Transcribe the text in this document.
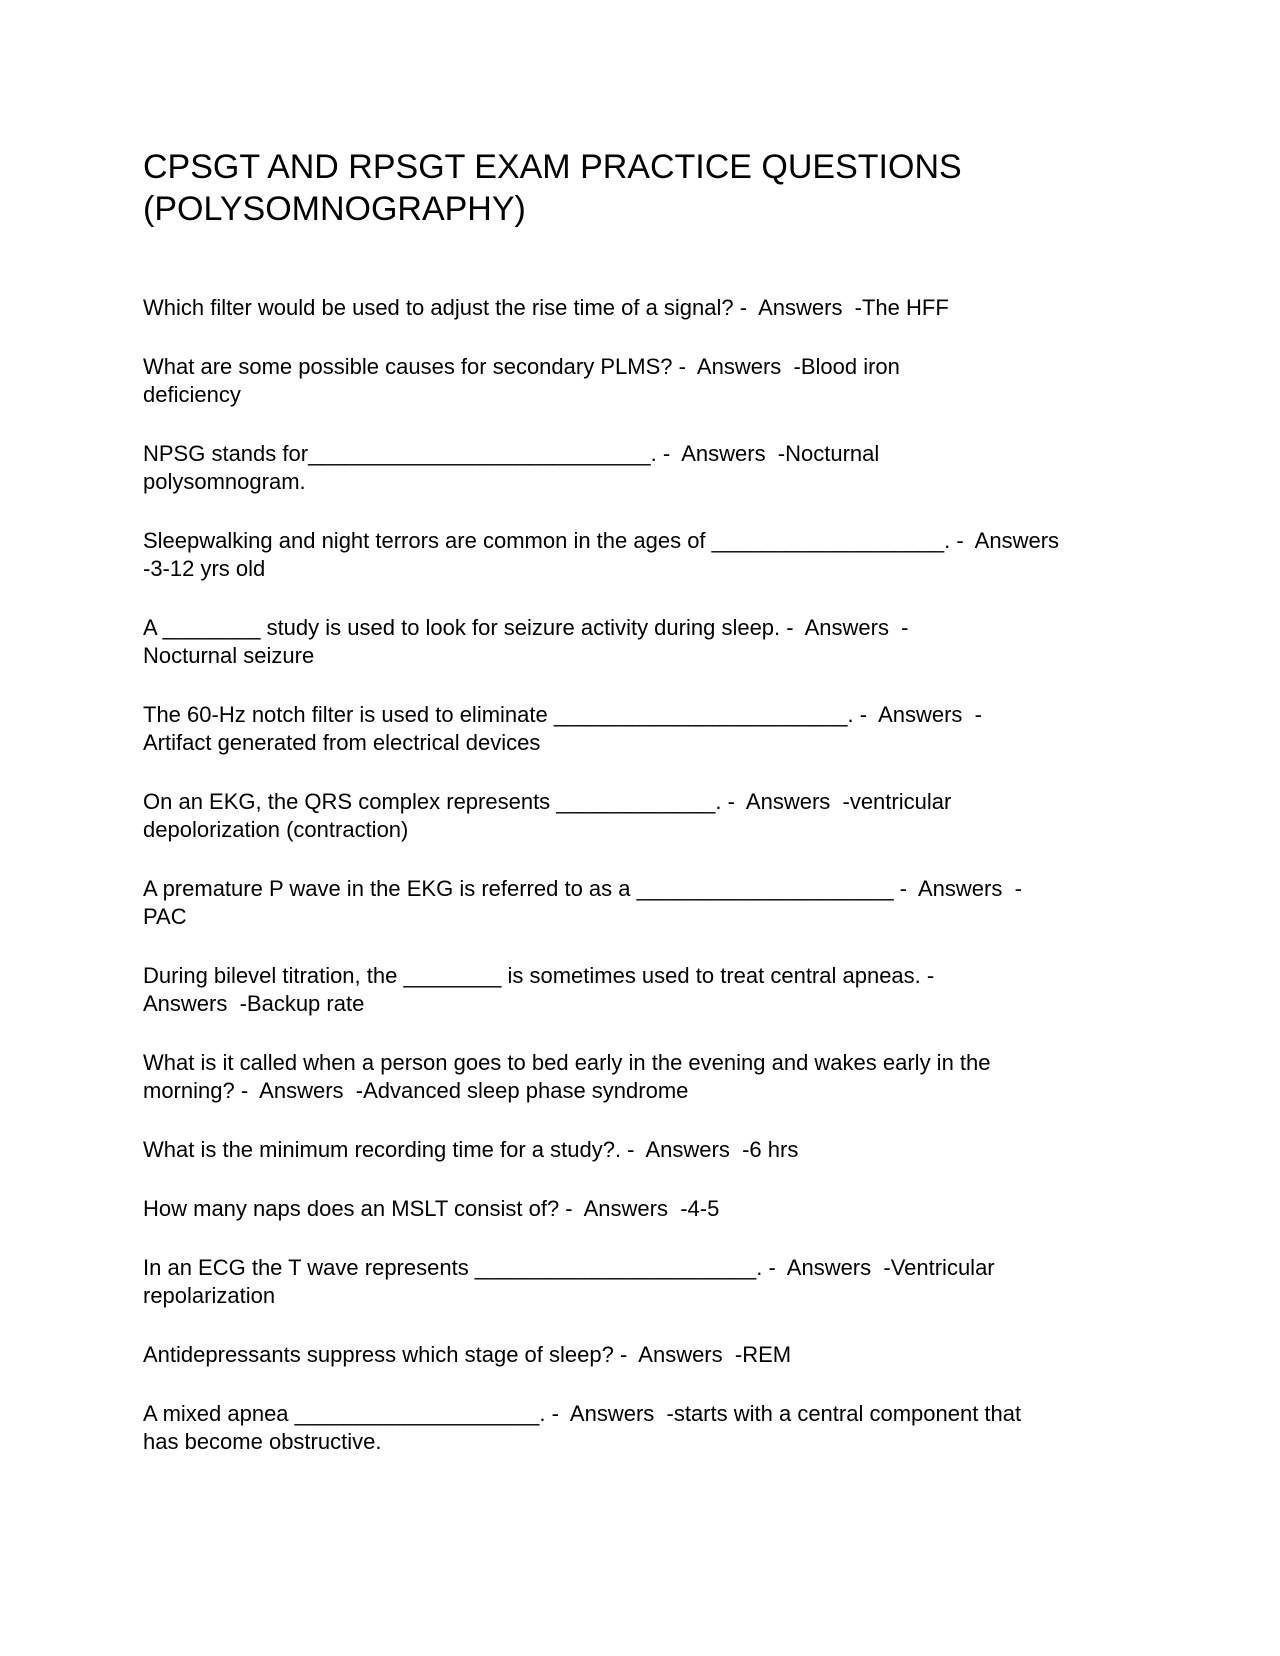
CPSGT AND RPSGT EXAM PRACTICE QUESTIONS
(POLYSOMNOGRAPHY)
Which filter would be used to adjust the rise time of a signal? -  Answers  -The HFF
What are some possible causes for secondary PLMS? -  Answers  -Blood iron
deficiency
NPSG stands for____________________________. -  Answers  -Nocturnal
polysomnogram.
Sleepwalking and night terrors are common in the ages of ___________________. -  Answers
-3-12 yrs old
A ________ study is used to look for seizure activity during sleep. -  Answers  -
Nocturnal seizure
The 60-Hz notch filter is used to eliminate ________________________. -  Answers  -
Artifact generated from electrical devices
On an EKG, the QRS complex represents _____________. -  Answers  -ventricular
depolorization (contraction)
A premature P wave in the EKG is referred to as a _____________________ -  Answers  -
PAC
During bilevel titration, the ________ is sometimes used to treat central apneas. -
Answers  -Backup rate
What is it called when a person goes to bed early in the evening and wakes early in the
morning? -  Answers  -Advanced sleep phase syndrome
What is the minimum recording time for a study?. -  Answers  -6 hrs
How many naps does an MSLT consist of? -  Answers  -4-5
In an ECG the T wave represents _______________________. -  Answers  -Ventricular
repolarization
Antidepressants suppress which stage of sleep? -  Answers  -REM
A mixed apnea ____________________. -  Answers  -starts with a central component that
has become obstructive.
